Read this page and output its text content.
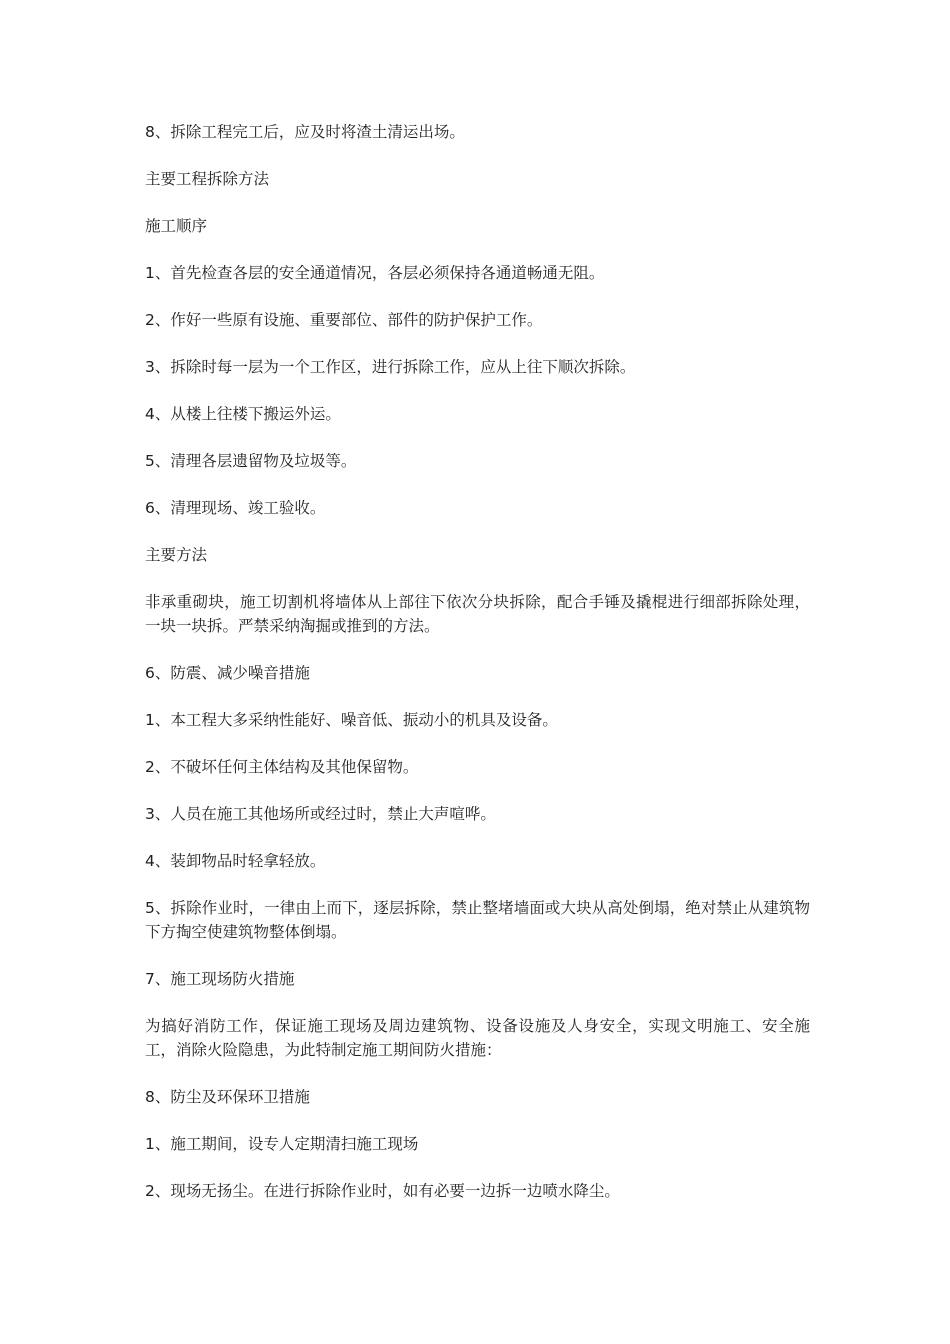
8、拆除工程完工后，应及时将渣土清运出场。

主要工程拆除方法

施工顺序

1、首先检查各层的安全通道情况，各层必须保持各通道畅通无阻。

2、作好一些原有设施、重要部位、部件的防护保护工作。

3、拆除时每一层为一个工作区，进行拆除工作，应从上往下顺次拆除。

4、从楼上往楼下搬运外运。

5、清理各层遗留物及垃圾等。

6、清理现场、竣工验收。

主要方法

非承重砌块，施工切割机将墙体从上部往下依次分块拆除，配合手锤及撬棍进行细部拆除处理，一块一块拆。严禁采纳淘掘或推到的方法。

6、防震、减少噪音措施

1、本工程大多采纳性能好、噪音低、振动小的机具及设备。

2、不破坏任何主体结构及其他保留物。

3、人员在施工其他场所或经过时，禁止大声喧哗。

4、装卸物品时轻拿轻放。

5、拆除作业时，一律由上而下，逐层拆除，禁止整堵墙面或大块从高处倒塌，绝对禁止从建筑物下方掏空使建筑物整体倒塌。

7、施工现场防火措施

为搞好消防工作，保证施工现场及周边建筑物、设备设施及人身安全，实现文明施工、安全施工，消除火险隐患，为此特制定施工期间防火措施：

8、防尘及环保环卫措施

1、施工期间，设专人定期清扫施工现场

2、现场无扬尘。在进行拆除作业时，如有必要一边拆一边喷水降尘。
